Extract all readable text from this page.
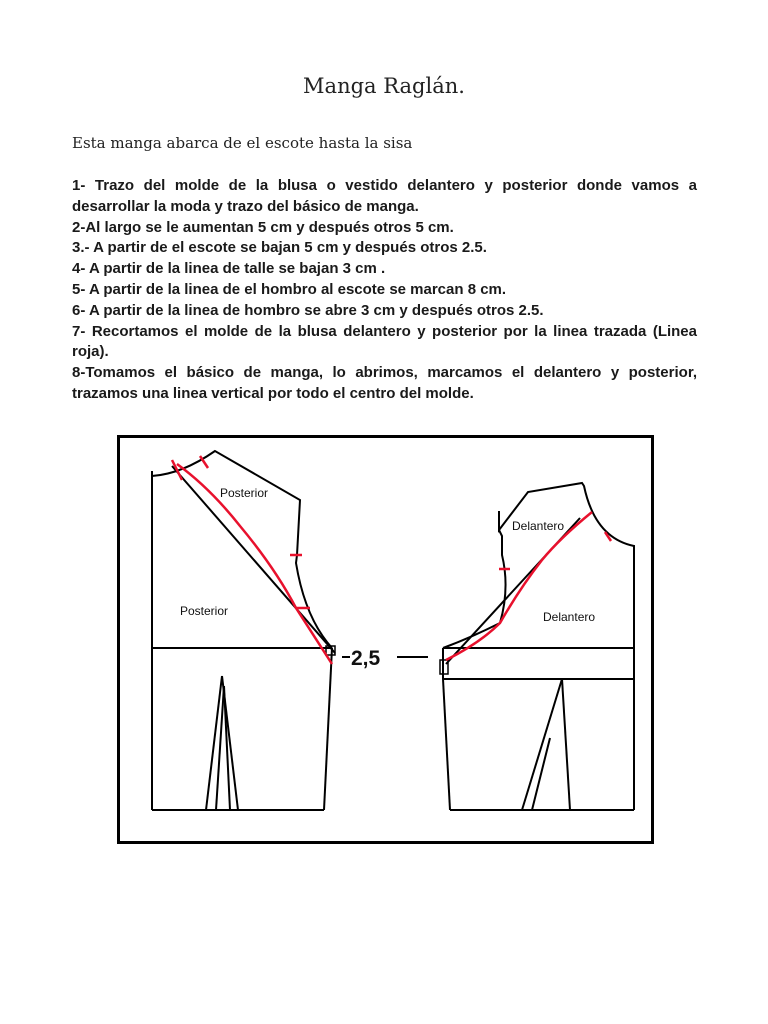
Manga Raglán.

Esta manga abarca de el escote hasta la sisa

1- Trazo del molde de la blusa o vestido delantero y posterior donde vamos a desarrollar la moda y trazo del básico de manga.
2-Al largo se le aumentan 5 cm y después otros 5 cm.
3.- A partir de el escote se bajan 5 cm y después otros 2.5.
4- A partir de la linea de talle se bajan 3 cm .
5- A partir de la linea de el hombro al escote se marcan 8 cm.
6- A partir de la linea de hombro se abre 3 cm y después otros 2.5.
7- Recortamos el molde de la blusa delantero y posterior por la linea trazada (Linea roja).
8-Tomamos el básico de manga, lo abrimos, marcamos el delantero y posterior, trazamos una linea vertical por todo el centro del molde.
Posterior
Posterior
2,5
Delantero
Delantero
